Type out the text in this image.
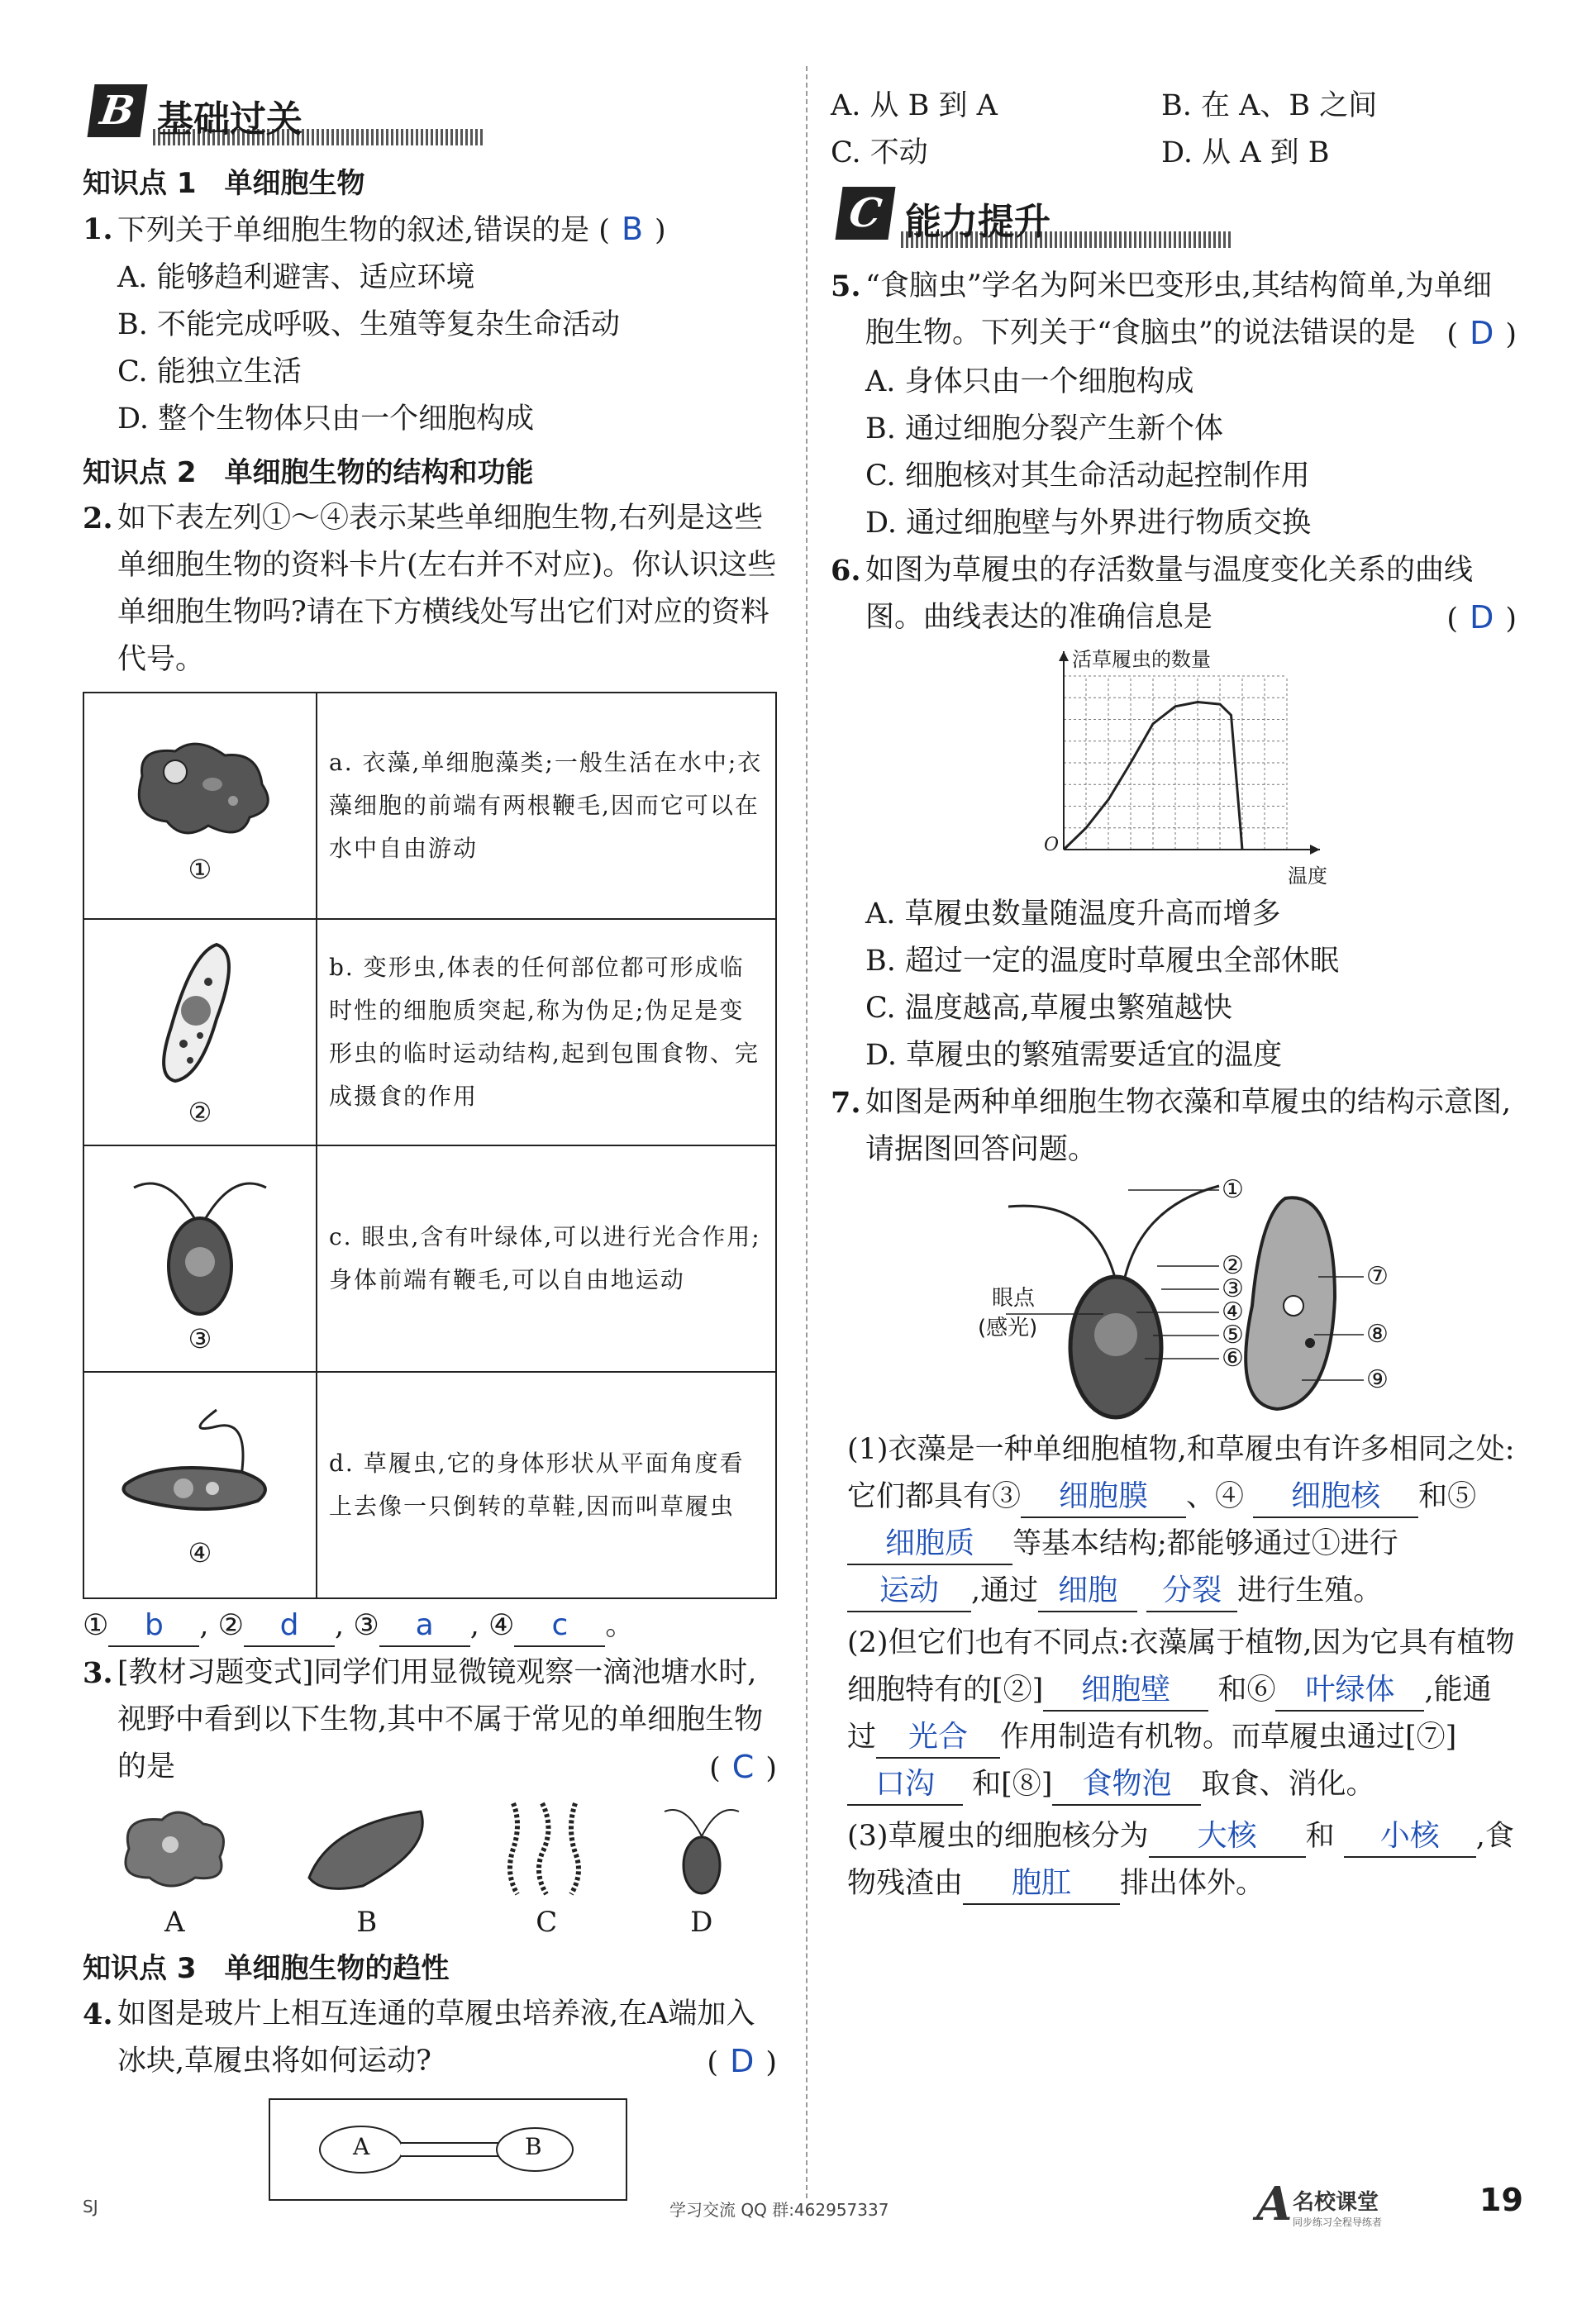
B 基础过关
知识点 1　单细胞生物
1. 下列关于单细胞生物的叙述,错误的是 ( B )
A. 能够趋利避害、适应环境
B. 不能完成呼吸、生殖等复杂生命活动
C. 能独立生活
D. 整个生物体只由一个细胞构成
知识点 2　单细胞生物的结构和功能
2. 如下表左列①～④表示某些单细胞生物,右列是这些单细胞生物的资料卡片(左右并不对应)。你认识这些单细胞生物吗?请在下方横线处写出它们对应的资料代号。
①	a. 衣藻,单细胞藻类;一般生活在水中;衣藻细胞的前端有两根鞭毛,因而它可以在水中自由游动

②	b. 变形虫,体表的任何部位都可形成临时性的细胞质突起,称为伪足;伪足是变形虫的临时运动结构,起到包围食物、完成摄食的作用

③	c. 眼虫,含有叶绿体,可以进行光合作用;身体前端有鞭毛,可以自由地运动

④	d. 草履虫,它的身体形状从平面角度看上去像一只倒转的草鞋,因而叫草履虫
① b , ② d , ③ a , ④ c 。
3. [教材习题变式]同学们用显微镜观察一滴池塘水时,视野中看到以下生物,其中不属于常见的单细胞生物的是	( C )
A	B	C	D
知识点 3　单细胞生物的趋性
4. 如图是玻片上相互连通的草履虫培养液,在A端加入冰块,草履虫将如何运动?	( D )
A	B
A. 从 B 到 A	B. 在 A、B 之间
C. 不动	D. 从 A 到 B
C 能力提升
5. “食脑虫”学名为阿米巴变形虫,其结构简单,为单细胞生物。下列关于“食脑虫”的说法错误的是 ( D )
A. 身体只由一个细胞构成
B. 通过细胞分裂产生新个体
C. 细胞核对其生命活动起控制作用
D. 通过细胞壁与外界进行物质交换
6. 如图为草履虫的存活数量与温度变化关系的曲线图。曲线表达的准确信息是	( D )
活草履虫的数量
温度
O
A. 草履虫数量随温度升高而增多
B. 超过一定的温度时草履虫全部休眠
C. 温度越高,草履虫繁殖越快
D. 草履虫的繁殖需要适宜的温度
7. 如图是两种单细胞生物衣藻和草履虫的结构示意图,请据图回答问题。
①
②
③
④
⑤
⑥
⑦
⑧
⑨
眼点
(感光)
(1)衣藻是一种单细胞植物,和草履虫有许多相同之处:它们都具有③ 细胞膜 、④ 细胞核 和⑤细胞质 等基本结构;都能够通过①进行运动 ,通过 细胞 分裂 进行生殖。
(2)但它们也有不同点:衣藻属于植物,因为它具有植物细胞特有的[②] 细胞壁 和⑥ 叶绿体 ,能通过 光合 作用制造有机物。而草履虫通过[⑦]口沟 和[⑧] 食物泡 取食、消化。
(3)草履虫的细胞核分为 大核 和 小核 ,食物残渣由 胞肛 排出体外。
SJ	学习交流 QQ 群:462957337	A 名校课堂
同步练习全程导练者
19
